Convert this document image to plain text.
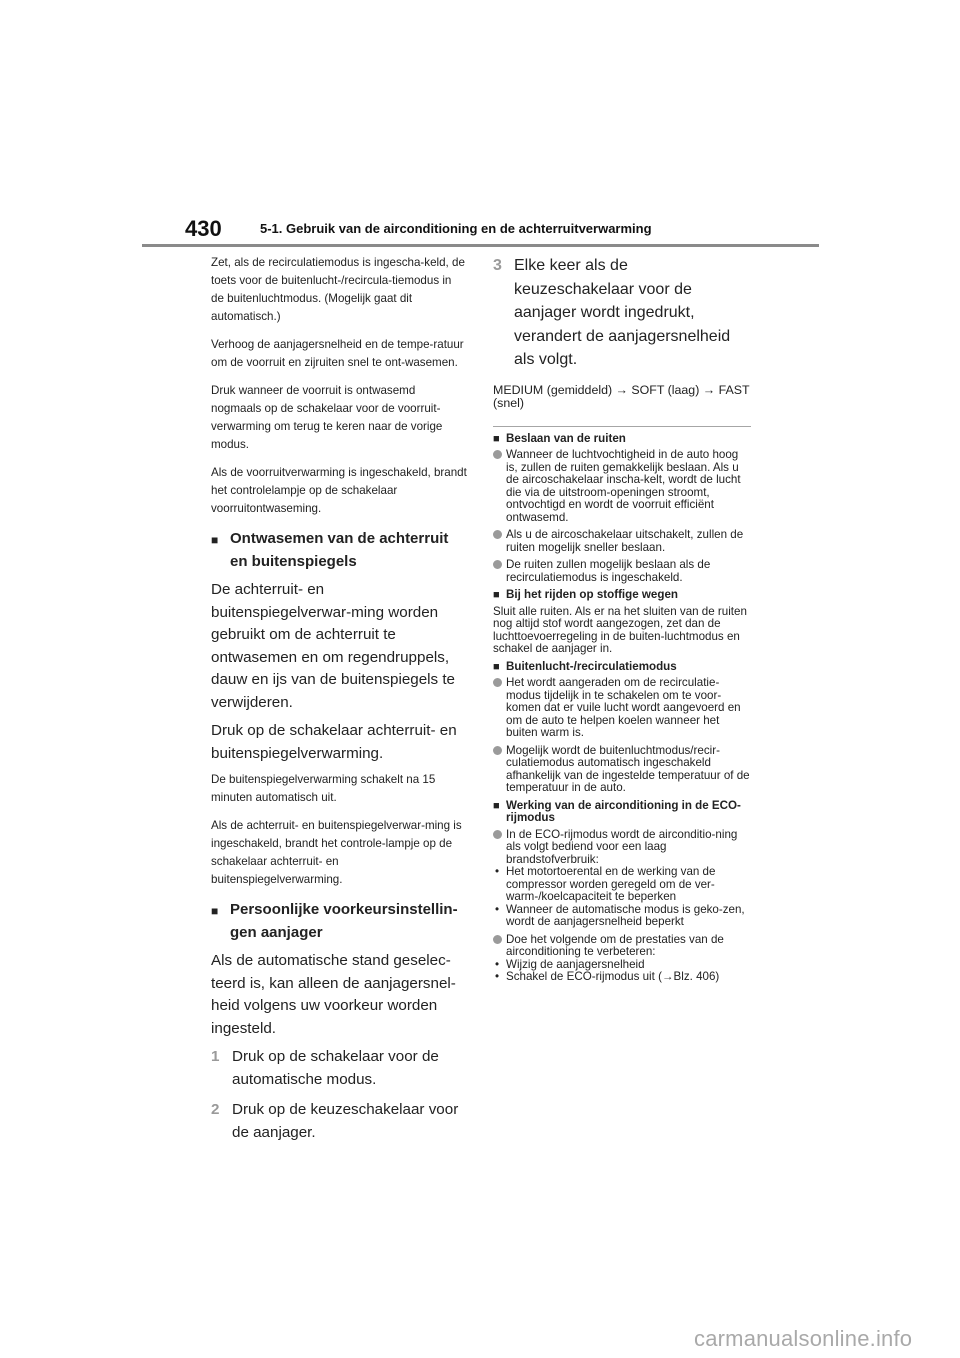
430	5-1. Gebruik van de airconditioning en de achterruitverwarming

Zet, als de recirculatiemodus is ingescha-keld, de toets voor de buitenlucht-/recircula-tiemodus in de buitenluchtmodus. (Mogelijk gaat dit automatisch.)

Verhoog de aanjagersnelheid en de tempe-ratuur om de voorruit en zijruiten snel te ont-wasemen.

Druk wanneer de voorruit is ontwasemd nogmaals op de schakelaar voor de voorruit-verwarming om terug te keren naar de vorige modus.

Als de voorruitverwarming is ingeschakeld, brandt het controlelampje op de schakelaar voorruitontwaseming.

■ Ontwasemen van de achterruit en buitenspiegels

De achterruit- en buitenspiegelverwar-ming worden gebruikt om de achterruit te ontwasemen en om regendruppels, dauw en ijs van de buitenspiegels te verwijderen.

Druk op de schakelaar achterruit- en buitenspiegelverwarming.

De buitenspiegelverwarming schakelt na 15 minuten automatisch uit.

Als de achterruit- en buitenspiegelverwar-ming is ingeschakeld, brandt het controle-lampje op de schakelaar achterruit- en buitenspiegelverwarming.

■ Persoonlijke voorkeursinstellin-gen aanjager

Als de automatische stand geselec-teerd is, kan alleen de aanjagersnel-heid volgens uw voorkeur worden ingesteld.

1 Druk op de schakelaar voor de automatische modus.
2 Druk op de keuzeschakelaar voor de aanjager.
3 Elke keer als de keuzeschakelaar voor de aanjager wordt ingedrukt, verandert de aanjagersnelheid als volgt.

MEDIUM (gemiddeld) → SOFT (laag) → FAST (snel)

■ Beslaan van de ruiten
Wanneer de luchtvochtigheid in de auto hoog is, zullen de ruiten gemakkelijk beslaan. Als u de aircoschakelaar inscha-kelt, wordt de lucht die via de uitstroom-openingen stroomt, ontvochtigd en wordt de voorruit efficiënt ontwasemd.
Als u de aircoschakelaar uitschakelt, zullen de ruiten mogelijk sneller beslaan.
De ruiten zullen mogelijk beslaan als de recirculatiemodus is ingeschakeld.
■ Bij het rijden op stoffige wegen

Sluit alle ruiten. Als er na het sluiten van de ruiten nog altijd stof wordt aangezogen, zet dan de luchttoevoerregeling in de buiten-luchtmodus en schakel de aanjager in.

■ Buitenlucht-/recirculatiemodus
Het wordt aangeraden om de recirculatie-modus tijdelijk in te schakelen om te voor-komen dat er vuile lucht wordt aangevoerd en om de auto te helpen koelen wanneer het buiten warm is.
Mogelijk wordt de buitenluchtmodus/recir-culatiemodus automatisch ingeschakeld afhankelijk van de ingestelde temperatuur of de temperatuur in de auto.
■ Werking van de airconditioning in de ECO-rijmodus
In de ECO-rijmodus wordt de airconditio-ning als volgt bediend voor een laag brandstofverbruik:
• Het motortoerental en de werking van de compressor worden geregeld om de ver-warm-/koelcapaciteit te beperken
• Wanneer de automatische modus is geko-zen, wordt de aanjagersnelheid beperkt
Doe het volgende om de prestaties van de airconditioning te verbeteren:
• Wijzig de aanjagersnelheid
• Schakel de ECO-rijmodus uit (→Blz. 406)
carmanualsonline.info
